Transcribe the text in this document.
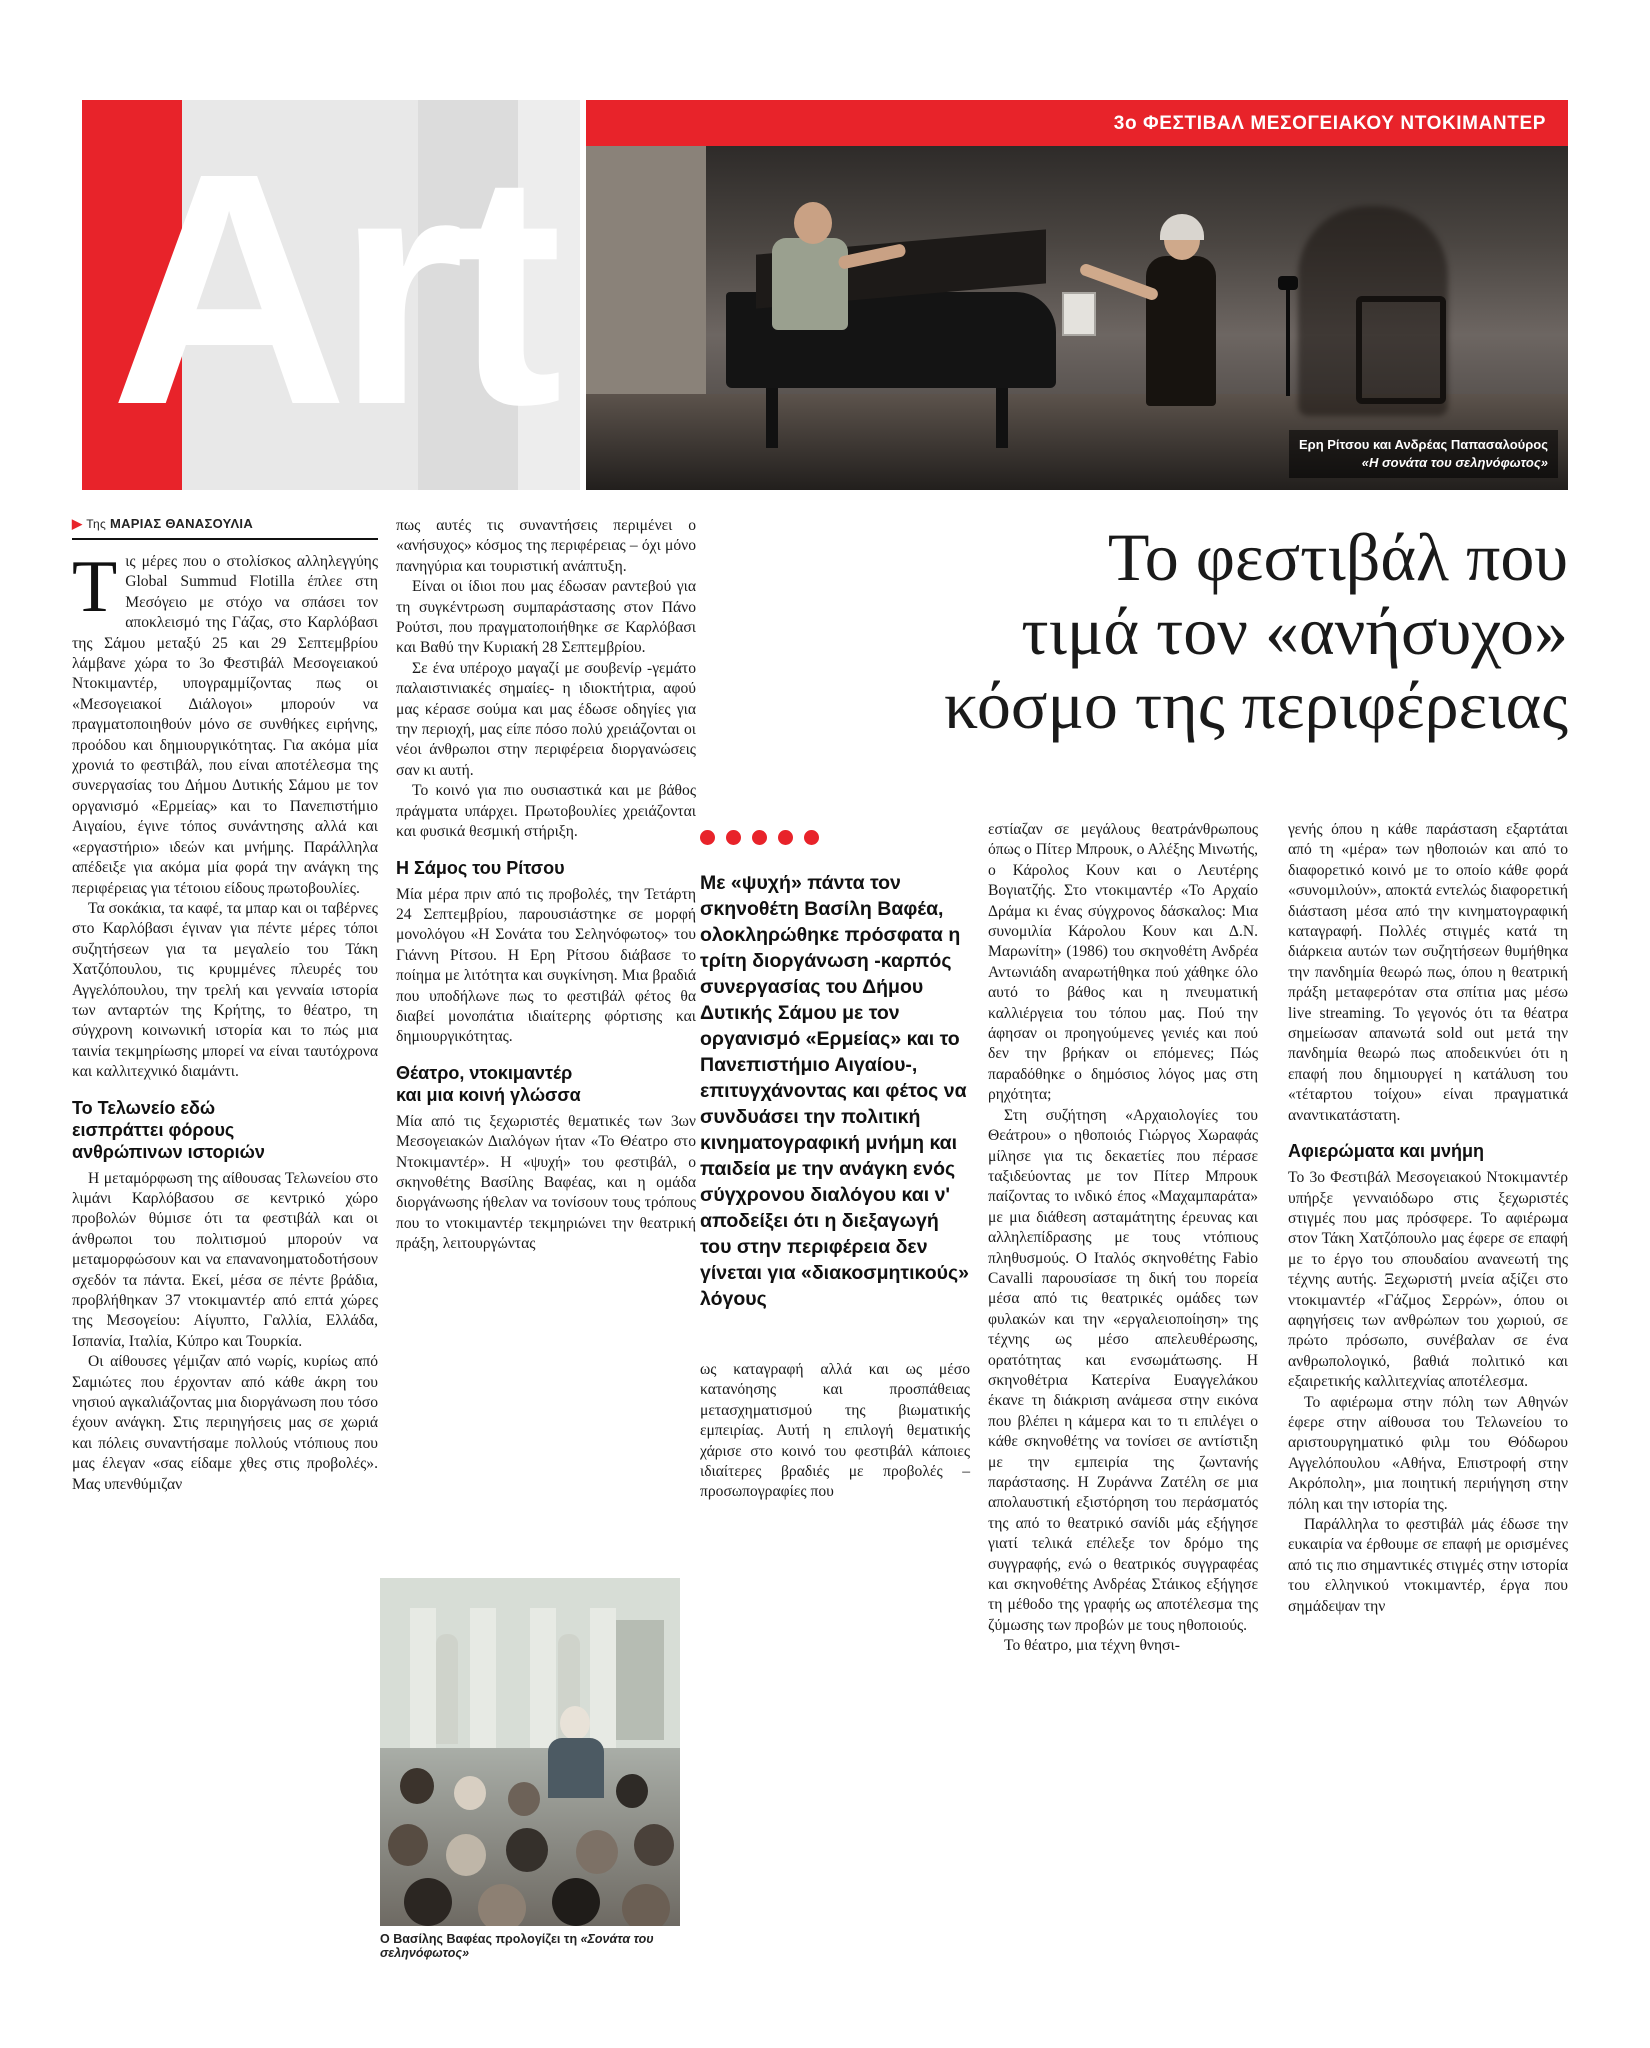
Art	3ο ΦΕΣΤΙΒΑΛ ΜΕΣΟΓΕΙΑΚΟΥ ΝΤΟΚΙΜΑΝΤΕΡ
Ερη Ρίτσου και Ανδρέας Παπασαλούρος
«Η σονάτα του σεληνόφωτος»
Το φεστιβάλ που
τιμά τον «ανήσυχο»
κόσμο της περιφέρειας
▶ Της ΜΑΡΙΑΣ ΘΑΝΑΣΟΥΛΙΑ

Τις μέρες που ο στολίσκος αλληλεγγύης Global Summud Flotilla έπλεε στη Μεσόγειο με στόχο να σπάσει τον αποκλεισμό της Γάζας, στο Καρλόβασι της Σάμου μεταξύ 25 και 29 Σεπτεμβρίου λάμβανε χώρα το 3ο Φεστιβάλ Μεσογειακού Ντοκιμαντέρ, υπογραμμίζοντας πως οι «Μεσογειακοί Διάλογοι» μπορούν να πραγματοποιηθούν μόνο σε συνθήκες ειρήνης, προόδου και δημιουργικότητας. Για ακόμα μία χρονιά το φεστιβάλ, που είναι αποτέλεσμα της συνεργασίας του Δήμου Δυτικής Σάμου με τον οργανισμό «Ερμείας» και το Πανεπιστήμιο Αιγαίου, έγινε τόπος συνάντησης αλλά και «εργαστήριο» ιδεών και μνήμης. Παράλληλα απέδειξε για ακόμα μία φορά την ανάγκη της περιφέρειας για τέτοιου είδους πρωτοβουλίες.

Τα σοκάκια, τα καφέ, τα μπαρ και οι ταβέρνες στο Καρλόβασι έγιναν για πέντε μέρες τόποι συζητήσεων για τα μεγαλείο του Τάκη Χατζόπουλου, τις κρυμμένες πλευρές του Αγγελόπουλου, την τρελή και γενναία ιστορία των ανταρτών της Κρήτης, το θέατρο, τη σύγχρονη κοινωνική ιστορία και το πώς μια ταινία τεκμηρίωσης μπορεί να είναι ταυτόχρονα και καλλιτεχνικό διαμάντι.

Το Τελωνείο εδώ
εισπράττει φόρους
ανθρώπινων ιστοριών

Η μεταμόρφωση της αίθουσας Τελωνείου στο λιμάνι Καρλόβασου σε κεντρικό χώρο προβολών θύμισε ότι τα φεστιβάλ και οι άνθρωποι του πολιτισμού μπορούν να μεταμορφώσουν και να επανανοηματοδοτήσουν σχεδόν τα πάντα. Εκεί, μέσα σε πέντε βράδια, προβλήθηκαν 37 ντοκιμαντέρ από επτά χώρες της Μεσογείου: Αίγυπτο, Γαλλία, Ελλάδα, Ισπανία, Ιταλία, Κύπρο και Τουρκία.

Οι αίθουσες γέμιζαν από νωρίς, κυρίως από Σαμιώτες που έρχονταν από κάθε άκρη του νησιού αγκαλιάζοντας μια διοργάνωση που τόσο έχουν ανάγκη. Στις περιηγήσεις μας σε χωριά και πόλεις συναντήσαμε πολλούς ντόπιους που μας έλεγαν «σας είδαμε χθες στις προβολές». Μας υπενθύμιζαν

πως αυτές τις συναντήσεις περιμένει ο «ανήσυχος» κόσμος της περιφέρειας – όχι μόνο πανηγύρια και τουριστική ανάπτυξη.

Είναι οι ίδιοι που μας έδωσαν ραντεβού για τη συγκέντρωση συμπαράστασης στον Πάνο Ρούτσι, που πραγματοποιήθηκε σε Καρλόβασι και Βαθύ την Κυριακή 28 Σεπτεμβρίου.

Σε ένα υπέροχο μαγαζί με σουβενίρ -γεμάτο παλαιστινιακές σημαίες- η ιδιοκτήτρια, αφού μας κέρασε σούμα και μας έδωσε οδηγίες για την περιοχή, μας είπε πόσο πολύ χρειάζονται οι νέοι άνθρωποι στην περιφέρεια διοργανώσεις σαν κι αυτή.

Το κοινό για πιο ουσιαστικά και με βάθος πράγματα υπάρχει. Πρωτοβουλίες χρειάζονται και φυσικά θεσμική στήριξη.

Η Σάμος του Ρίτσου

Μία μέρα πριν από τις προβολές, την Τετάρτη 24 Σεπτεμβρίου, παρουσιάστηκε σε μορφή μονολόγου «Η Σονάτα του Σεληνόφωτος» του Γιάννη Ρίτσου. Η Ερη Ρίτσου διάβασε το ποίημα με λιτότητα και συγκίνηση. Μια βραδιά που υποδήλωνε πως το φεστιβάλ φέτος θα διαβεί μονοπάτια ιδιαίτερης φόρτισης και δημιουργικότητας.

Θέατρο, ντοκιμαντέρ
και μια κοινή γλώσσα

Μία από τις ξεχωριστές θεματικές των 3ων Μεσογειακών Διαλόγων ήταν «Το Θέατρο στο Ντοκιμαντέρ». Η «ψυχή» του φεστιβάλ, ο σκηνοθέτης Βασίλης Βαφέας, και η ομάδα διοργάνωσης ήθελαν να τονίσουν τους τρόπους που το ντοκιμαντέρ τεκμηριώνει την θεατρική πράξη, λειτουργώντας

Με «ψυχή» πάντα τον σκηνοθέτη Βασίλη Βαφέα, ολοκληρώθηκε πρόσφατα η τρίτη διοργάνωση -καρπός συνεργασίας του Δήμου Δυτικής Σάμου με τον οργανισμό «Ερμείας» και το Πανεπιστήμιο Αιγαίου-, επιτυγχάνοντας και φέτος να συνδυάσει την πολιτική κινηματογραφική μνήμη και παιδεία με την ανάγκη ενός σύγχρονου διαλόγου και ν' αποδείξει ότι η διεξαγωγή του στην περιφέρεια δεν γίνεται για «διακοσμητικούς» λόγους

ως καταγραφή αλλά και ως μέσο κατανόησης και προσπάθειας μετασχηματισμού της βιωματικής εμπειρίας. Αυτή η επιλογή θεματικής χάρισε στο κοινό του φεστιβάλ κάποιες ιδιαίτερες βραδιές με προβολές – προσωπογραφίες που

εστίαζαν σε μεγάλους θεατράνθρωπους όπως ο Πίτερ Μπρουκ, ο Αλέξης Μινωτής, ο Κάρολος Κουν και ο Λευτέρης Βογιατζής. Στο ντοκιμαντέρ «Το Αρχαίο Δράμα κι ένας σύγχρονος δάσκαλος: Μια συνομιλία Κάρολου Κουν και Δ.Ν. Μαρωνίτη» (1986) του σκηνοθέτη Ανδρέα Αντωνιάδη αναρωτήθηκα πού χάθηκε όλο αυτό το βάθος και η πνευματική καλλιέργεια του τόπου μας. Πού την άφησαν οι προηγούμενες γενιές και πού δεν την βρήκαν οι επόμενες; Πώς παραδόθηκε ο δημόσιος λόγος μας στη ρηχότητα;

Στη συζήτηση «Αρχαιολογίες του Θεάτρου» ο ηθοποιός Γιώργος Χωραφάς μίλησε για τις δεκαετίες που πέρασε ταξιδεύοντας με τον Πίτερ Μπρουκ παίζοντας το ινδικό έπος «Μαχαμπαράτα» με μια διάθεση ασταμάτητης έρευνας και αλληλεπίδρασης με τους ντόπιους πληθυσμούς. Ο Ιταλός σκηνοθέτης Fabio Cavalli παρουσίασε τη δική του πορεία μέσα από τις θεατρικές ομάδες των φυλακών και την «εργαλειοποίηση» της τέχνης ως μέσο απελευθέρωσης, ορατότητας και ενσωμάτωσης. Η σκηνοθέτρια Κατερίνα Ευαγγελάκου έκανε τη διάκριση ανάμεσα στην εικόνα που βλέπει η κάμερα και το τι επιλέγει ο κάθε σκηνοθέτης να τονίσει σε αντίστιξη με την εμπειρία της ζωντανής παράστασης. Η Ζυράννα Ζατέλη σε μια απολαυστική εξιστόρηση του περάσματός της από το θεατρικό σανίδι μάς εξήγησε γιατί τελικά επέλεξε τον δρόμο της συγγραφής, ενώ ο θεατρικός συγγραφέας και σκηνοθέτης Ανδρέας Στάικος εξήγησε τη μέθοδο της γραφής ως αποτέλεσμα της ζύμωσης των προβών με τους ηθοποιούς.

Το θέατρο, μια τέχνη θνησι-

γενής όπου η κάθε παράσταση εξαρτάται από τη «μέρα» των ηθοποιών και από το διαφορετικό κοινό με το οποίο κάθε φορά «συνομιλούν», αποκτά εντελώς διαφορετική διάσταση μέσα από την κινηματογραφική καταγραφή. Πολλές στιγμές κατά τη διάρκεια αυτών των συζητήσεων θυμήθηκα την πανδημία θεωρώ πως, όπου η θεατρική πράξη μεταφερόταν στα σπίτια μας μέσω live streaming. Το γεγονός ότι τα θέατρα σημείωσαν απανωτά sold out μετά την πανδημία θεωρώ πως αποδεικνύει ότι η επαφή που δημιουργεί η κατάλυση του «τέταρτου τοίχου» είναι πραγματικά αναντικατάστατη.

Αφιερώματα και μνήμη

Το 3ο Φεστιβάλ Μεσογειακού Ντοκιμαντέρ υπήρξε γενναιόδωρο στις ξεχωριστές στιγμές που μας πρόσφερε. Το αφιέρωμα στον Τάκη Χατζόπουλο μας έφερε σε επαφή με το έργο του σπουδαίου ανανεωτή της τέχνης αυτής. Ξεχωριστή μνεία αξίζει στο ντοκιμαντέρ «Γάζμος Σερρών», όπου οι αφηγήσεις των ανθρώπων του χωριού, σε πρώτο πρόσωπο, συνέβαλαν σε ένα ανθρωπολογικό, βαθιά πολιτικό και εξαιρετικής καλλιτεχνίας αποτέλεσμα.

Το αφιέρωμα στην πόλη των Αθηνών έφερε στην αίθουσα του Τελωνείου το αριστουργηματικό φιλμ του Θόδωρου Αγγελόπουλου «Αθήνα, Επιστροφή στην Ακρόπολη», μια ποιητική περιήγηση στην πόλη και την ιστορία της.

Παράλληλα το φεστιβάλ μάς έδωσε την ευκαιρία να έρθουμε σε επαφή με ορισμένες από τις πιο σημαντικές στιγμές στην ιστορία του ελληνικού ντοκιμαντέρ, έργα που σημάδεψαν την

Ο Βασίλης Βαφέας προλογίζει τη «Σονάτα του σεληνόφωτος»
